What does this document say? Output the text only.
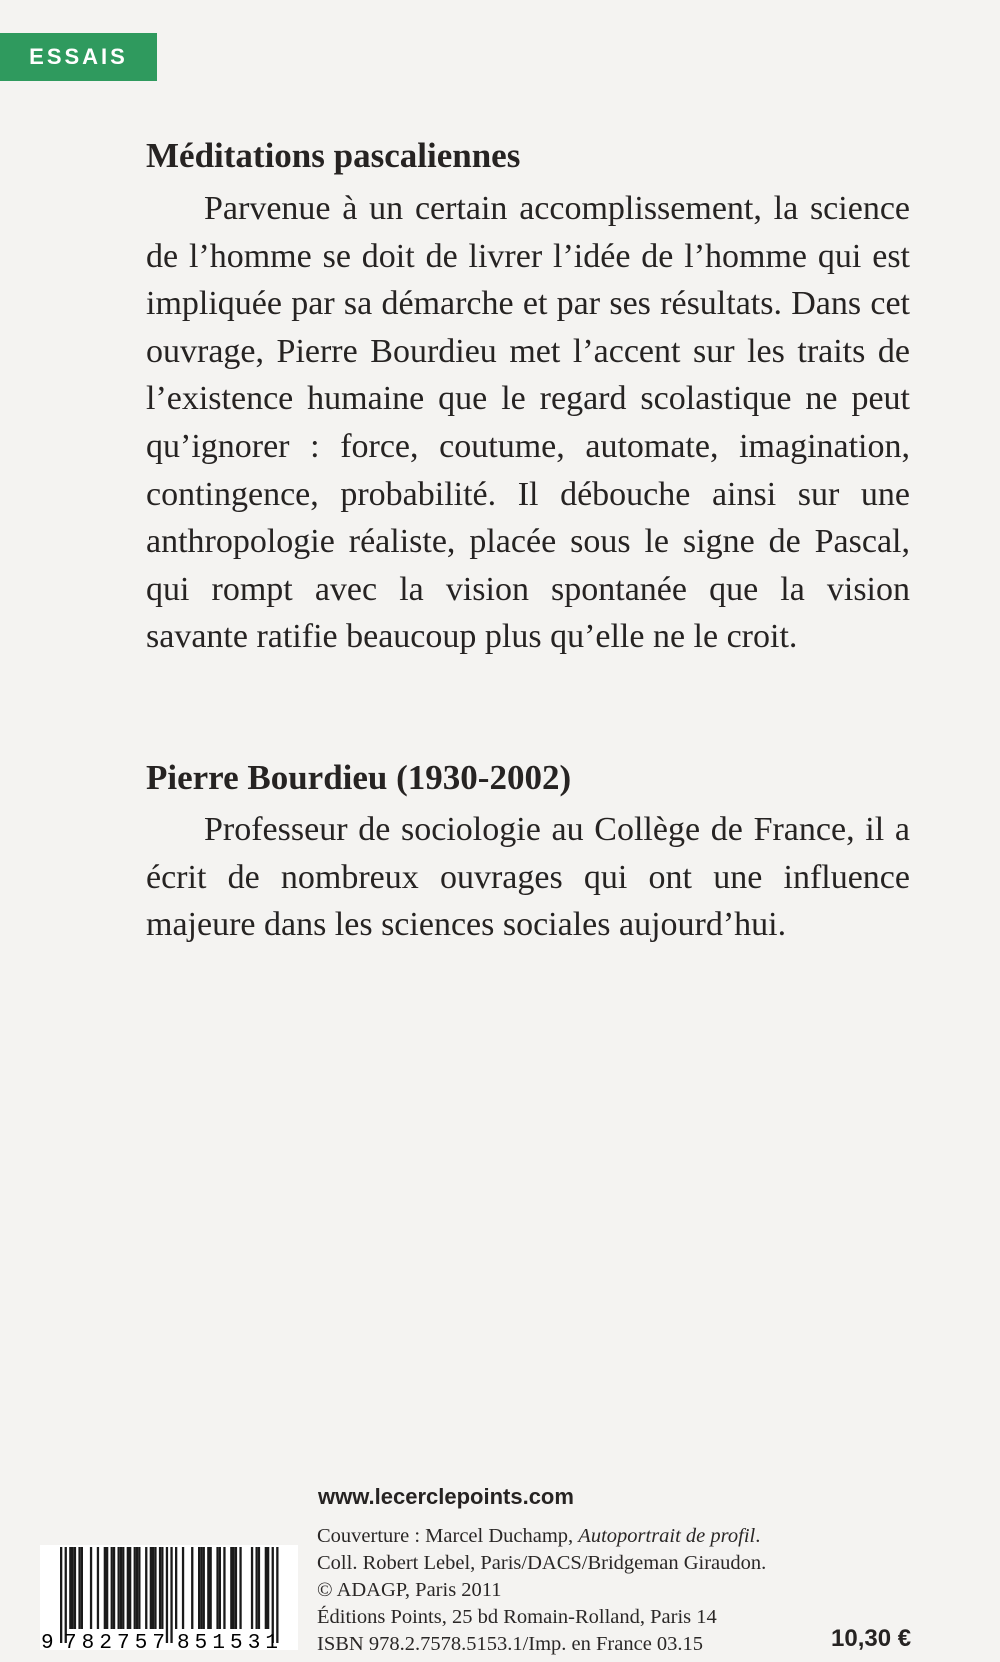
ESSAIS
Méditations pascaliennes

Parvenue à un certain accomplissement, la science de l’homme se doit de livrer l’idée de l’homme qui est impliquée par sa démarche et par ses résultats. Dans cet ouvrage, Pierre Bourdieu met l’accent sur les traits de l’existence humaine que le regard scolastique ne peut qu’ignorer : force, coutume, automate, imagination, contingence, probabilité. Il débouche ainsi sur une anthropologie réaliste, placée sous le signe de Pascal, qui rompt avec la vision spontanée que la vision savante ratifie beaucoup plus qu’elle ne le croit.

Pierre Bourdieu (1930-2002)

Professeur de sociologie au Collège de France, il a écrit de nombreux ouvrages qui ont une influence majeure dans les sciences sociales aujourd’hui.

www.lecerclepoints.com

Couverture : Marcel Duchamp, Autoportrait de profil.
Coll. Robert Lebel, Paris/DACS/Bridgeman Giraudon.
© ADAGP, Paris 2011
Éditions Points, 25 bd Romain-Rolland, Paris 14
ISBN 978.2.7578.5153.1/Imp. en France 03.15
9 782757 851531	10,30 €
